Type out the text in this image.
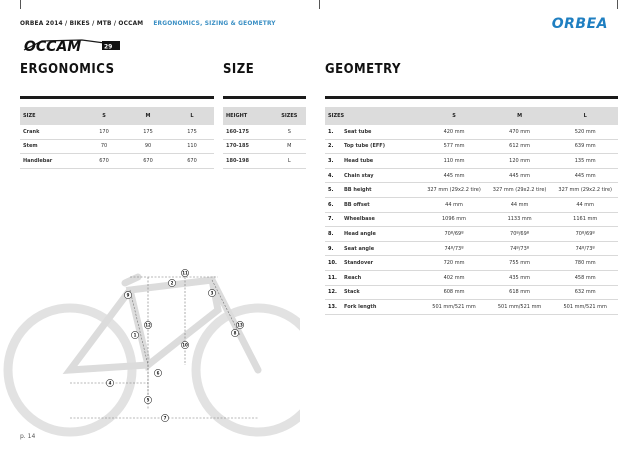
ORBEA 2014 / BIKES / MTB / OCCAM ERGONOMICS, SIZING & GEOMETRY	ORBEA
OCCAM	29
ERGONOMICS	SIZE	GEOMETRY
SIZE	S	M	L
Crank	170	175	175
Stem	70	90	110
Handlebar	670	670	670
HEIGHT	SIZES
160-175	S
170-185	M
180-198	L
SIZES		S	M	L
1.	Seat tube	420 mm	470 mm	520 mm
2.	Top tube (EFF)	577 mm	612 mm	639 mm
3.	Head tube	110 mm	120 mm	135 mm
4.	Chain stay	445 mm	445 mm	445 mm
5.	BB height	327 mm (29x2.2 tire)	327 mm (29x2.2 tire)	327 mm (29x2.2 tire)
6.	BB offset	44 mm	44 mm	44 mm
7.	Wheelbase	1096 mm	1133 mm	1161 mm
8.	Head angle	70º/69º	70º/69º	70º/69º
9.	Seat angle	74º/73º	74º/73º	74º/73º
10.	Standover	720 mm	755 mm	780 mm
11.	Reach	402 mm	435 mm	458 mm
12.	Stack	608 mm	618 mm	632 mm
13.	Fork length	501 mm/521 mm	501 mm/521 mm	501 mm/521 mm
1
2
3
4
5
6
7
8
9
10
11
12	13
p. 14
